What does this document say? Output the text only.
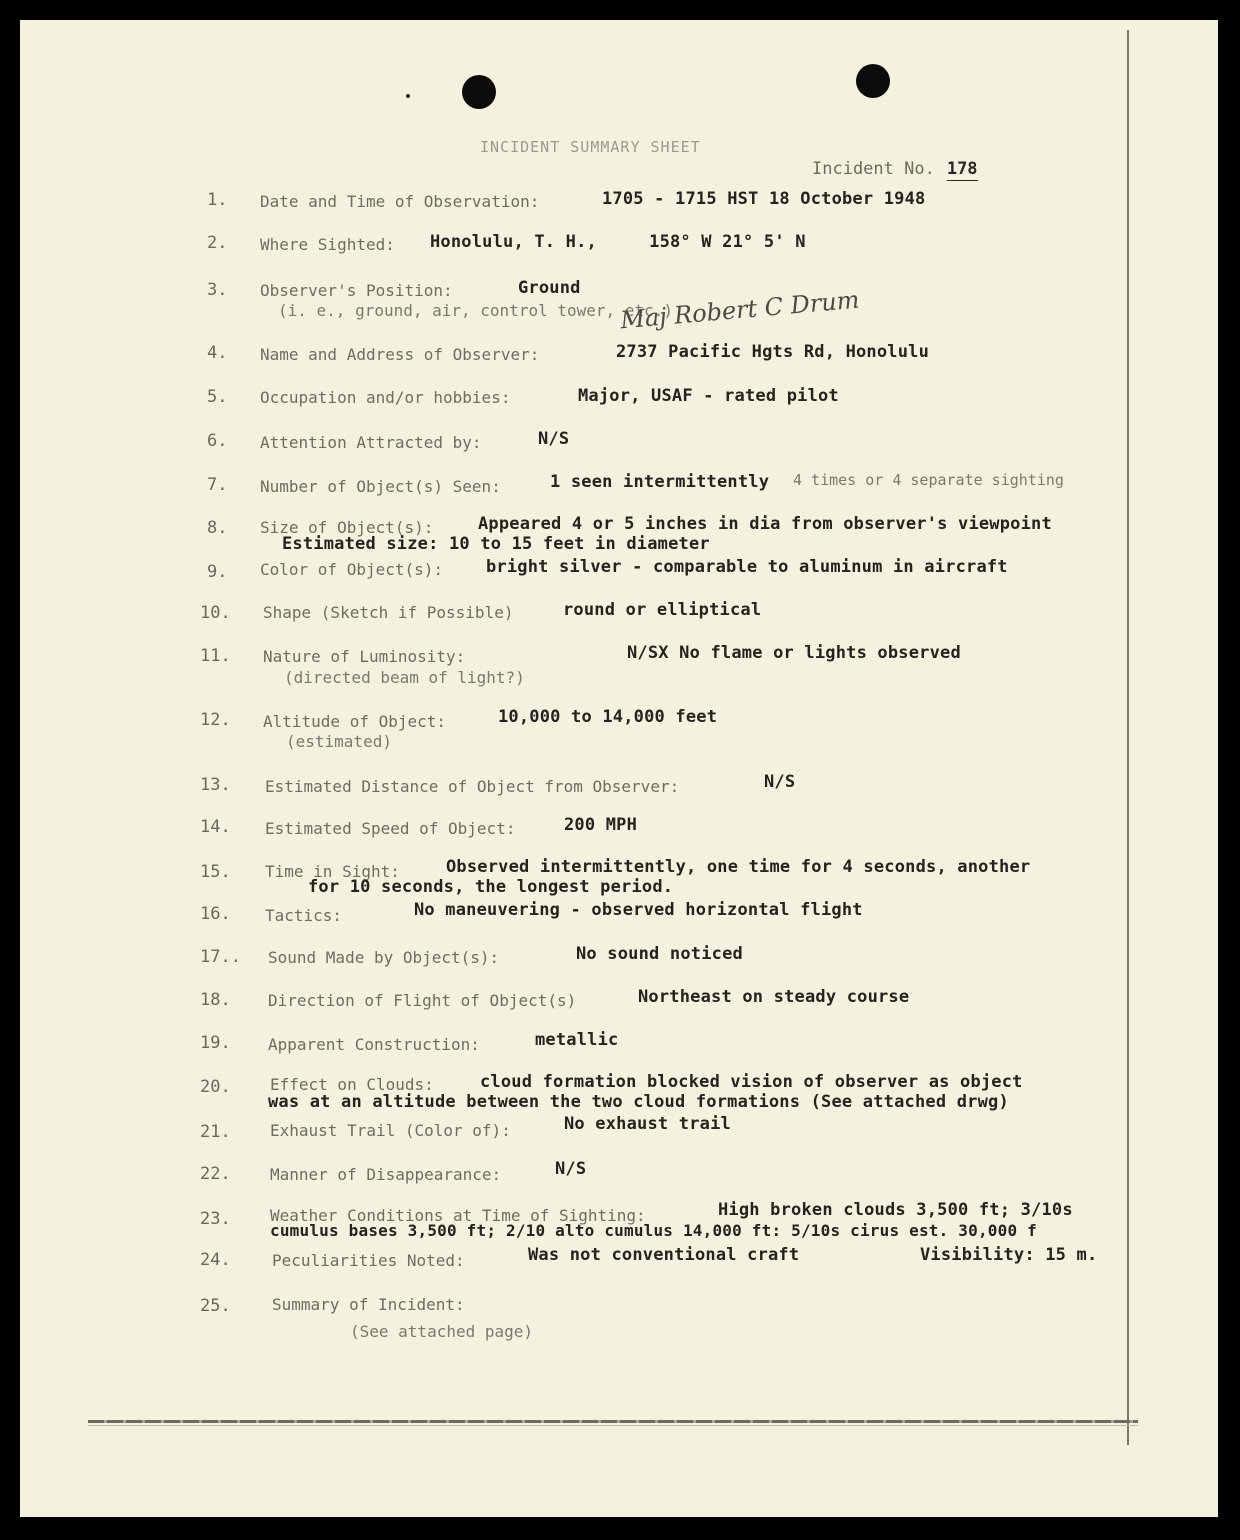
INCIDENT SUMMARY SHEET
Incident No. 178
1. Date and Time of Observation:	1705 - 1715 HST 18 October 1948
2. Where Sighted: Honolulu, T. H.,     158° W 21° 5' N
3. Observer's Position:	Ground
(i. e., ground, air, control tower, etc.)
Maj Robert C Drum
4. Name and Address of Observer:	2737 Pacific Hgts Rd, Honolulu
5. Occupation and/or hobbies:	Major, USAF - rated pilot
6. Attention Attracted by:	N/S
7. Number of Object(s) Seen:	1 seen intermittently 4 times or 4 separate sighting
8. Size of Object(s):	Appeared 4 or 5 inches in dia from observer's viewpoint
Estimated size: 10 to 15 feet in diameter
9. Color of Object(s):	bright silver - comparable to aluminum in aircraft
10. Shape (Sketch if Possible)	round or elliptical
11. Nature of Luminosity:	N/SX No flame or lights observed
(directed beam of light?)
12. Altitude of Object:	10,000 to 14,000 feet
(estimated)
13. Estimated Distance of Object from Observer:	N/S
14. Estimated Speed of Object:	200 MPH
15. Time in Sight:	Observed intermittently, one time for 4 seconds, another
for 10 seconds, the longest period.
16. Tactics:	No maneuvering - observed horizontal flight
17.. Sound Made by Object(s):	No sound noticed
18. Direction of Flight of Object(s)	Northeast on steady course
19. Apparent Construction:	metallic
20. Effect on Clouds:	cloud formation blocked vision of observer as object
was at an altitude between the two cloud formations (See attached drwg)
21. Exhaust Trail (Color of):	No exhaust trail
22. Manner of Disappearance:	N/S
23. Weather Conditions at Time of Sighting:	High broken clouds 3,500 ft; 3/10s
cumulus bases 3,500 ft; 2/10 alto cumulus 14,000 ft: 5/10s cirus est. 30,000 f
24.	Peculiarities Noted:	Was not conventional craft	Visibility: 15 m.
25.	Summary of Incident:
(See attached page)
